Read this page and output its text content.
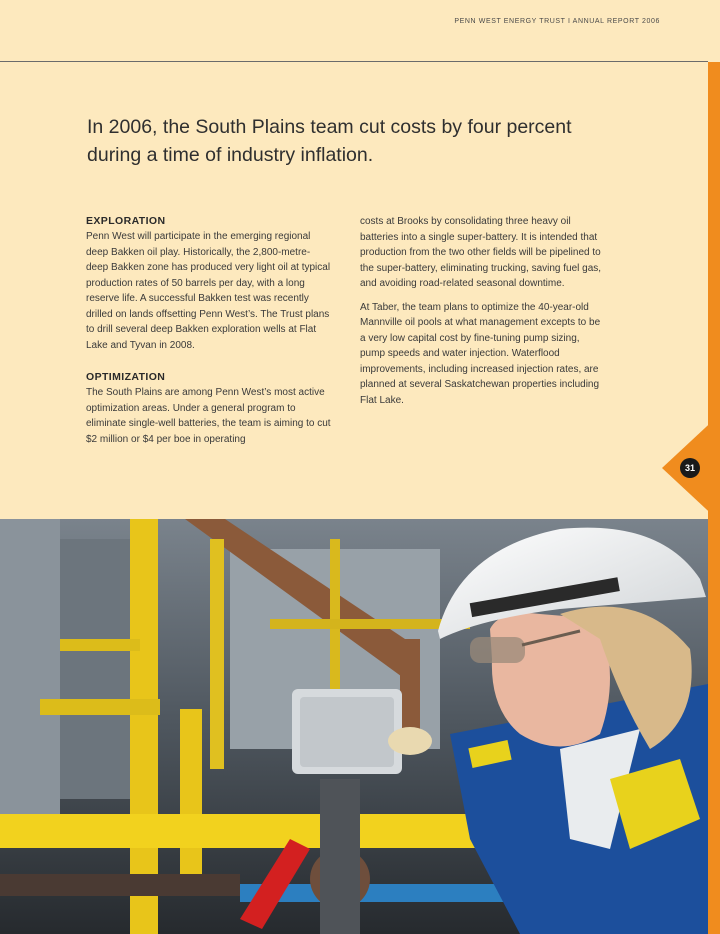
PENN WEST ENERGY TRUST I ANNUAL REPORT 2006
31
In 2006, the South Plains team cut costs by four percent during a time of industry inflation.
EXPLORATION

Penn West will participate in the emerging regional deep Bakken oil play. Historically, the 2,800-metre-deep Bakken zone has produced very light oil at typical production rates of 50 barrels per day, with a long reserve life. A successful Bakken test was recently drilled on lands offsetting Penn West’s. The Trust plans to drill several deep Bakken exploration wells at Flat Lake and Tyvan in 2008.

OPTIMIZATION

The South Plains are among Penn West’s most active optimization areas. Under a general program to eliminate single-well batteries, the team is aiming to cut $2 million or $4 per boe in operating

costs at Brooks by consolidating three heavy oil batteries into a single super-battery. It is intended that production from the two other fields will be pipelined to the super-battery, eliminating trucking, saving fuel gas, and avoiding road-related seasonal downtime.

At Taber, the team plans to optimize the 40-year-old Mannville oil pools at what management excepts to be a very low capital cost by fine-tuning pump sizing, pump speeds and water injection. Waterflood improvements, including increased injection rates, are planned at several Saskatchewan properties including Flat Lake.
